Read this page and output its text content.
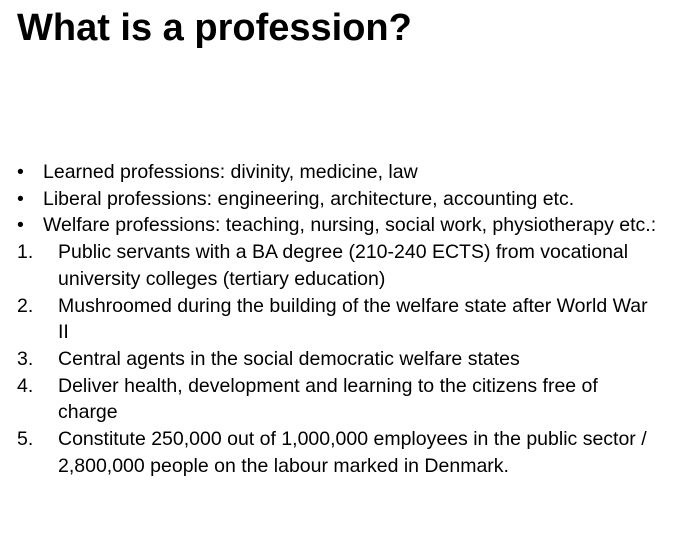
What is a profession?
• Learned professions: divinity, medicine, law
• Liberal professions: engineering, architecture, accounting etc.
• Welfare professions: teaching, nursing, social work, physiotherapy etc.:
1.	Public servants with a BA degree (210-240 ECTS) from vocational university colleges (tertiary education)
2.	Mushroomed during the building of the welfare state after World War II
3.	Central agents in the social democratic welfare states
4.	Deliver health, development and learning to the citizens free of charge
5.	Constitute 250,000 out of 1,000,000 employees in the public sector / 2,800,000 people on the labour marked in Denmark.
